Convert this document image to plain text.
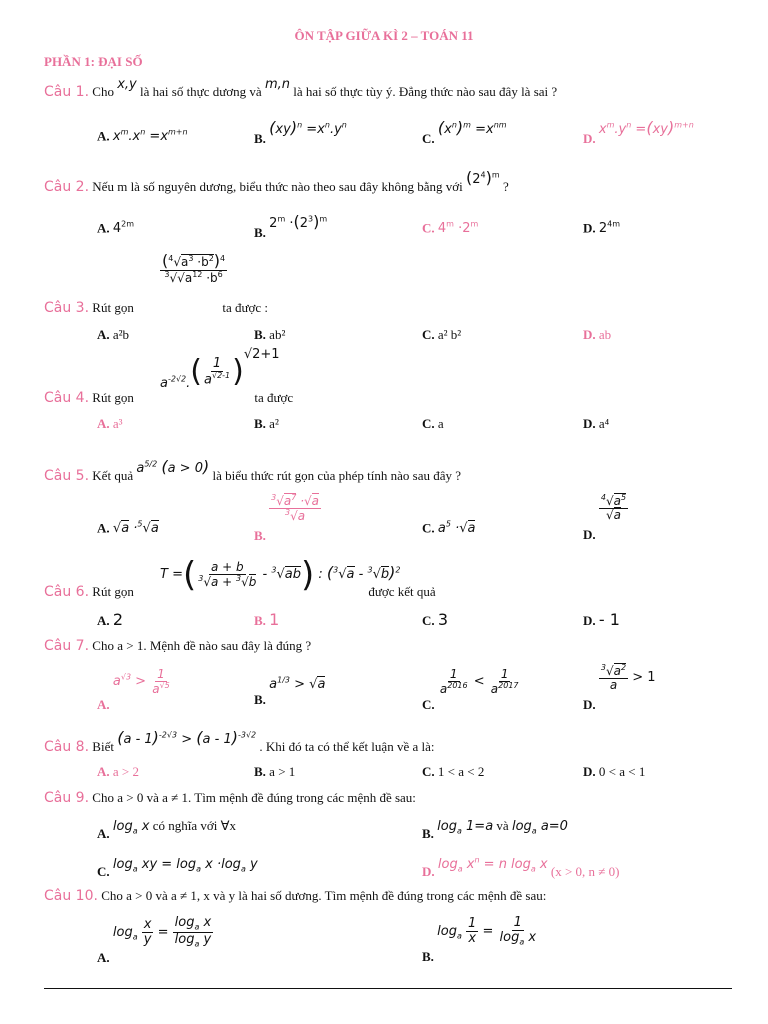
ÔN TẬP GIỮA KÌ 2 – TOÁN 11
PHẦN 1: ĐẠI SỐ
Câu 1. Cho x,y là hai số thực dương và m,n là hai số thực tùy ý. Đẳng thức nào sau đây là sai ?
A. $x^m.x^n =x^{m+n}$	B. $(xy)^n =x^n.y^n$
C. $(x^n)^m =x^{nm}$
D. $x^m.y^n =(xy)^{m+n}$
Câu 2. Nếu m là số nguyên dương, biểu thức nào theo sau đây không bằng với $(2^4)^m$ ?
A. $4^{2m}$
B. $2^m \cdot(2^3)^m$
C. $4^m \cdot 2^m$	D. $2^{4m}$
$\frac{(^4√a^3 \cdot b^2)^4}{^3√√a^{12} \cdot b^6}$
Câu 3. Rút gọn	ta được :
A. a²b	B. ab²	C. a² b²	D. ab
$a^{-2√2}.( \frac{1}{a^{√2-1}} )^{√2+1}$
Câu 4. Rút gọn	ta được
A. a³	B. a²	C. a	D. a⁴
Câu 5. Kết quả $a^{5/2}$ (a > 0) là biểu thức rút gọn của phép tính nào sau đây ?
A. √a ·$^5$√a	B.
$\frac{^3√a^7 \cdot√a}{^3√a}$
C. $a^5 \cdot√a$	D.
$\frac{^4√a^5}{√a}$
T =( $\frac{a + b}{^3√a + ^3√b} - ^3√ab$) : ($^3$√a - $^3$√b)$^2$
Câu 6. Rút gọn	được kết quả
A. 2	B. 1	C. 3	D. - 1
Câu 7. Cho a > 1. Mệnh đề nào sau đây là đúng ?
A. $a^{√3} > \frac{1}{a^{√5}}$
B. $a^{1/3} > √a$
C.
$\frac{1}{a^{2016}} < \frac{1}{a^{2017}}$
D.
$\frac{^3√a^2}{a} > 1$
Câu 8. Biết (a - 1)$^{-2√3}$ > (a - 1)$^{-3√2}$ . Khi đó ta có thể kết luận về a là:
A. a > 2	B. a > 1	C. 1 < a < 2	D. 0 < a < 1
Câu 9. Cho a > 0 và a ≠ 1. Tìm mệnh đề đúng trong các mệnh đề sau:
A. $\log_a x$ có nghĩa với ∀x
B. $\log_a 1=a$ và $\log_a a=0$
C. $\log_a$ xy = $\log_a x \cdot\log_a$ y	D. $\log_a x^n = n$ $\log_a x$ (x > 0, n ≠ 0)
Câu 10. Cho a > 0 và a ≠ 1, x và y là hai số dương. Tìm mệnh đề đúng trong các mệnh đề sau:
A. $\log_a \frac{x}{y} = \frac{\log_a x}{\log_a y}$
B. $\log_a \frac{1}{x} = \frac{1}{\log_a x}$
